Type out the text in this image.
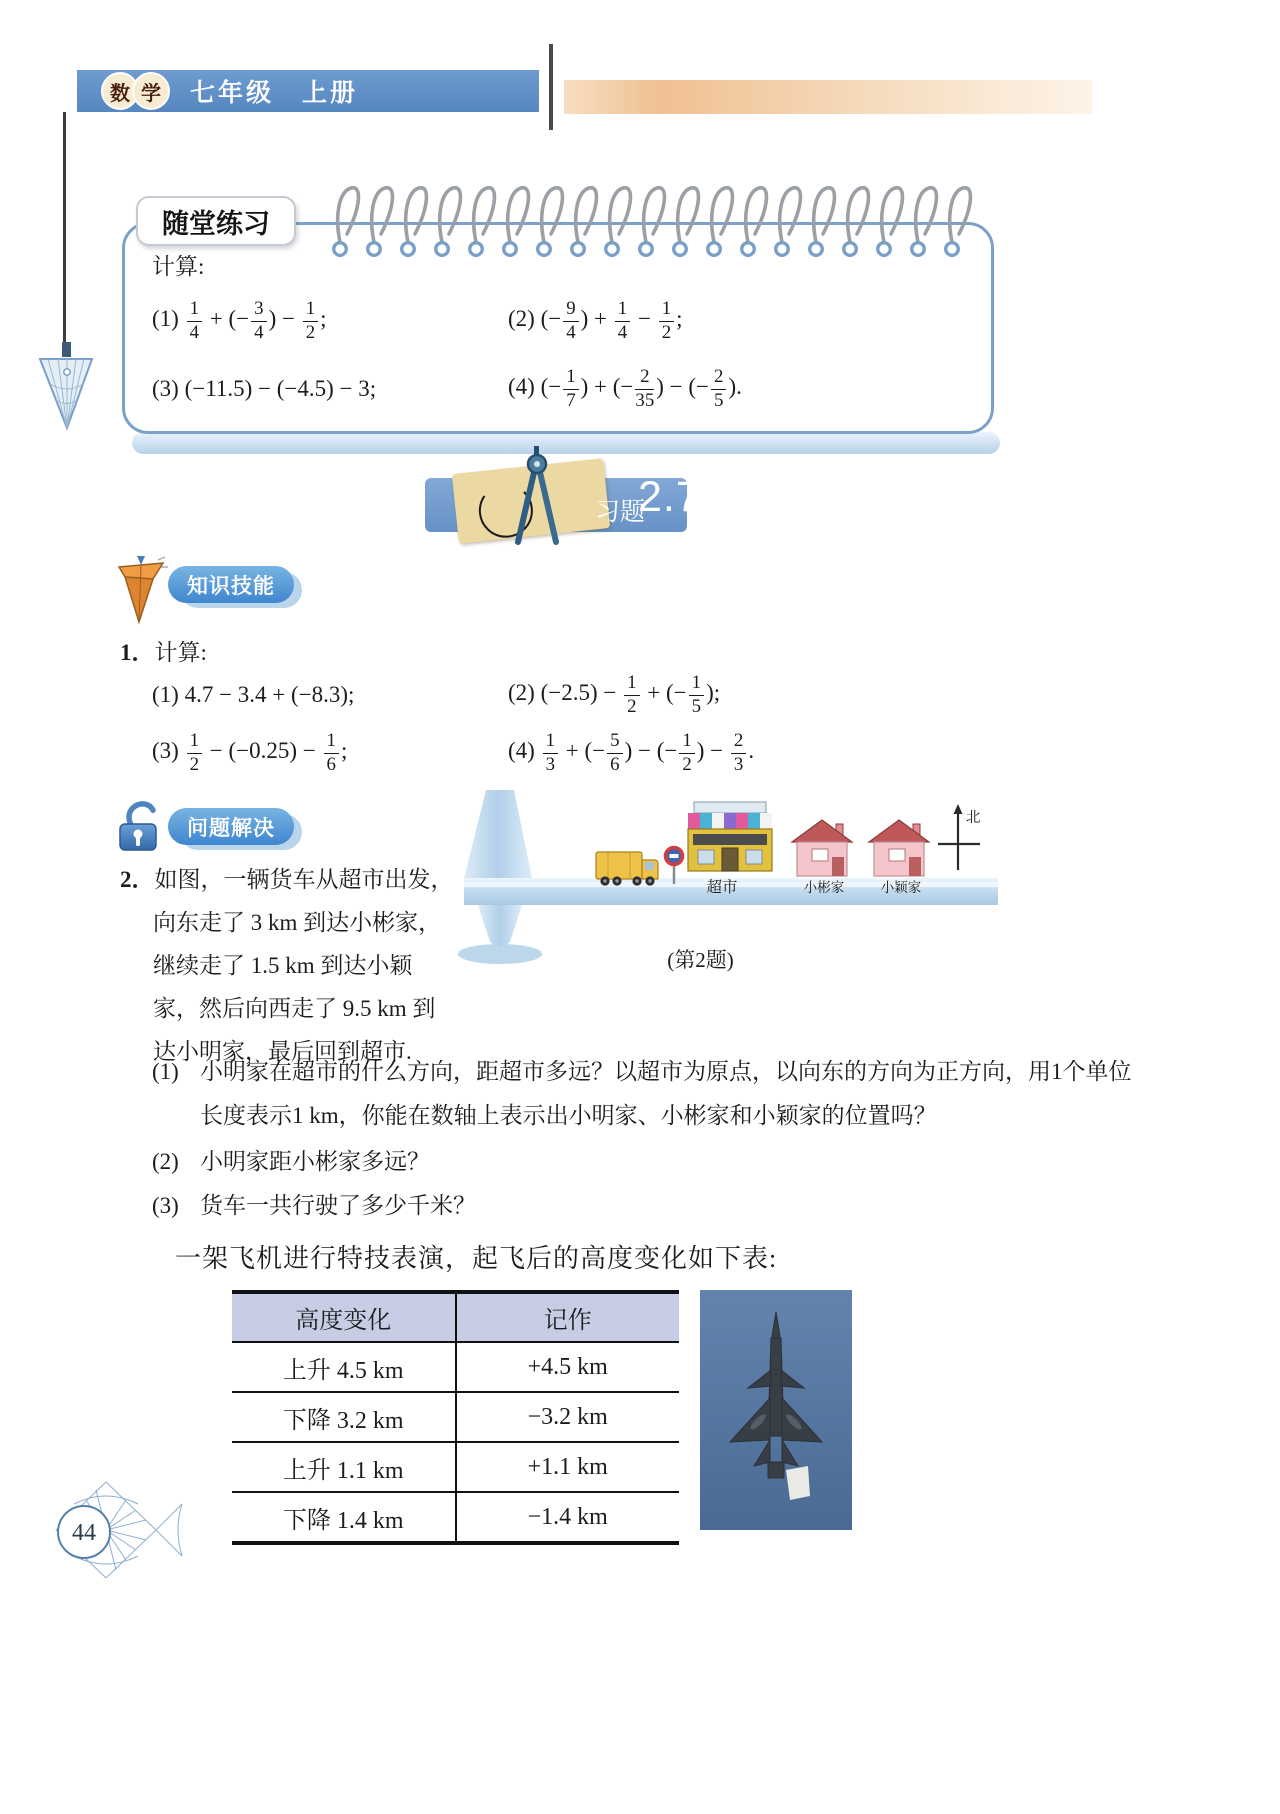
数 学	七年级　上册
随堂练习
计算:
$(1) \frac{1}{4}$ + (− $\frac{3}{4}$ ) − $\frac{1}{2}$ ;	(2) (− $\frac{9}{4}$ ) + $\frac{1}{4} - \frac{1}{2}$ ;
(3) (−11.5) − (−4.5) − 3;	(4) (− $\frac{1}{7}$ ) + (− $\frac{2}{35}$ ) − (− $\frac{2}{5}$ ).
习题
2.7
知识技能
1．计算:
(1) 4.7 − 3.4 + (−8.3);	(2) $(-2.5) - \frac{1}{2}$ + (− $\frac{1}{5}$ );
$(3) \frac{1}{2} - (-0.25) - \frac{1}{6}$ ;	$(4) \frac{1}{3}$ + (− $\frac{5}{6}$ ) − (− $\frac{1}{2}$ ) − $\frac{2}{3}$ .
问题解决
2．如图，一辆货车从超市出发，
向东走了 3 km 到达小彬家，
继续走了 1.5 km 到达小颖
家，然后向西走了 9.5 km 到
达小明家，最后回到超市.
超市	小彬家	小颖家
北
(第2题)
(1) 小明家在超市的什么方向，距超市多远？以超市为原点，以向东的方向为正方向，用1个单位长度表示1 km，你能在数轴上表示出小明家、小彬家和小颖家的位置吗？
(2) 小明家距小彬家多远？
(3) 货车一共行驶了多少千米？
一架飞机进行特技表演，起飞后的高度变化如下表:
高度变化	记作
上升 4.5 km	+4.5 km
下降 3.2 km	−3.2 km
上升 1.1 km	+1.1 km
下降 1.4 km	−1.4 km
44
